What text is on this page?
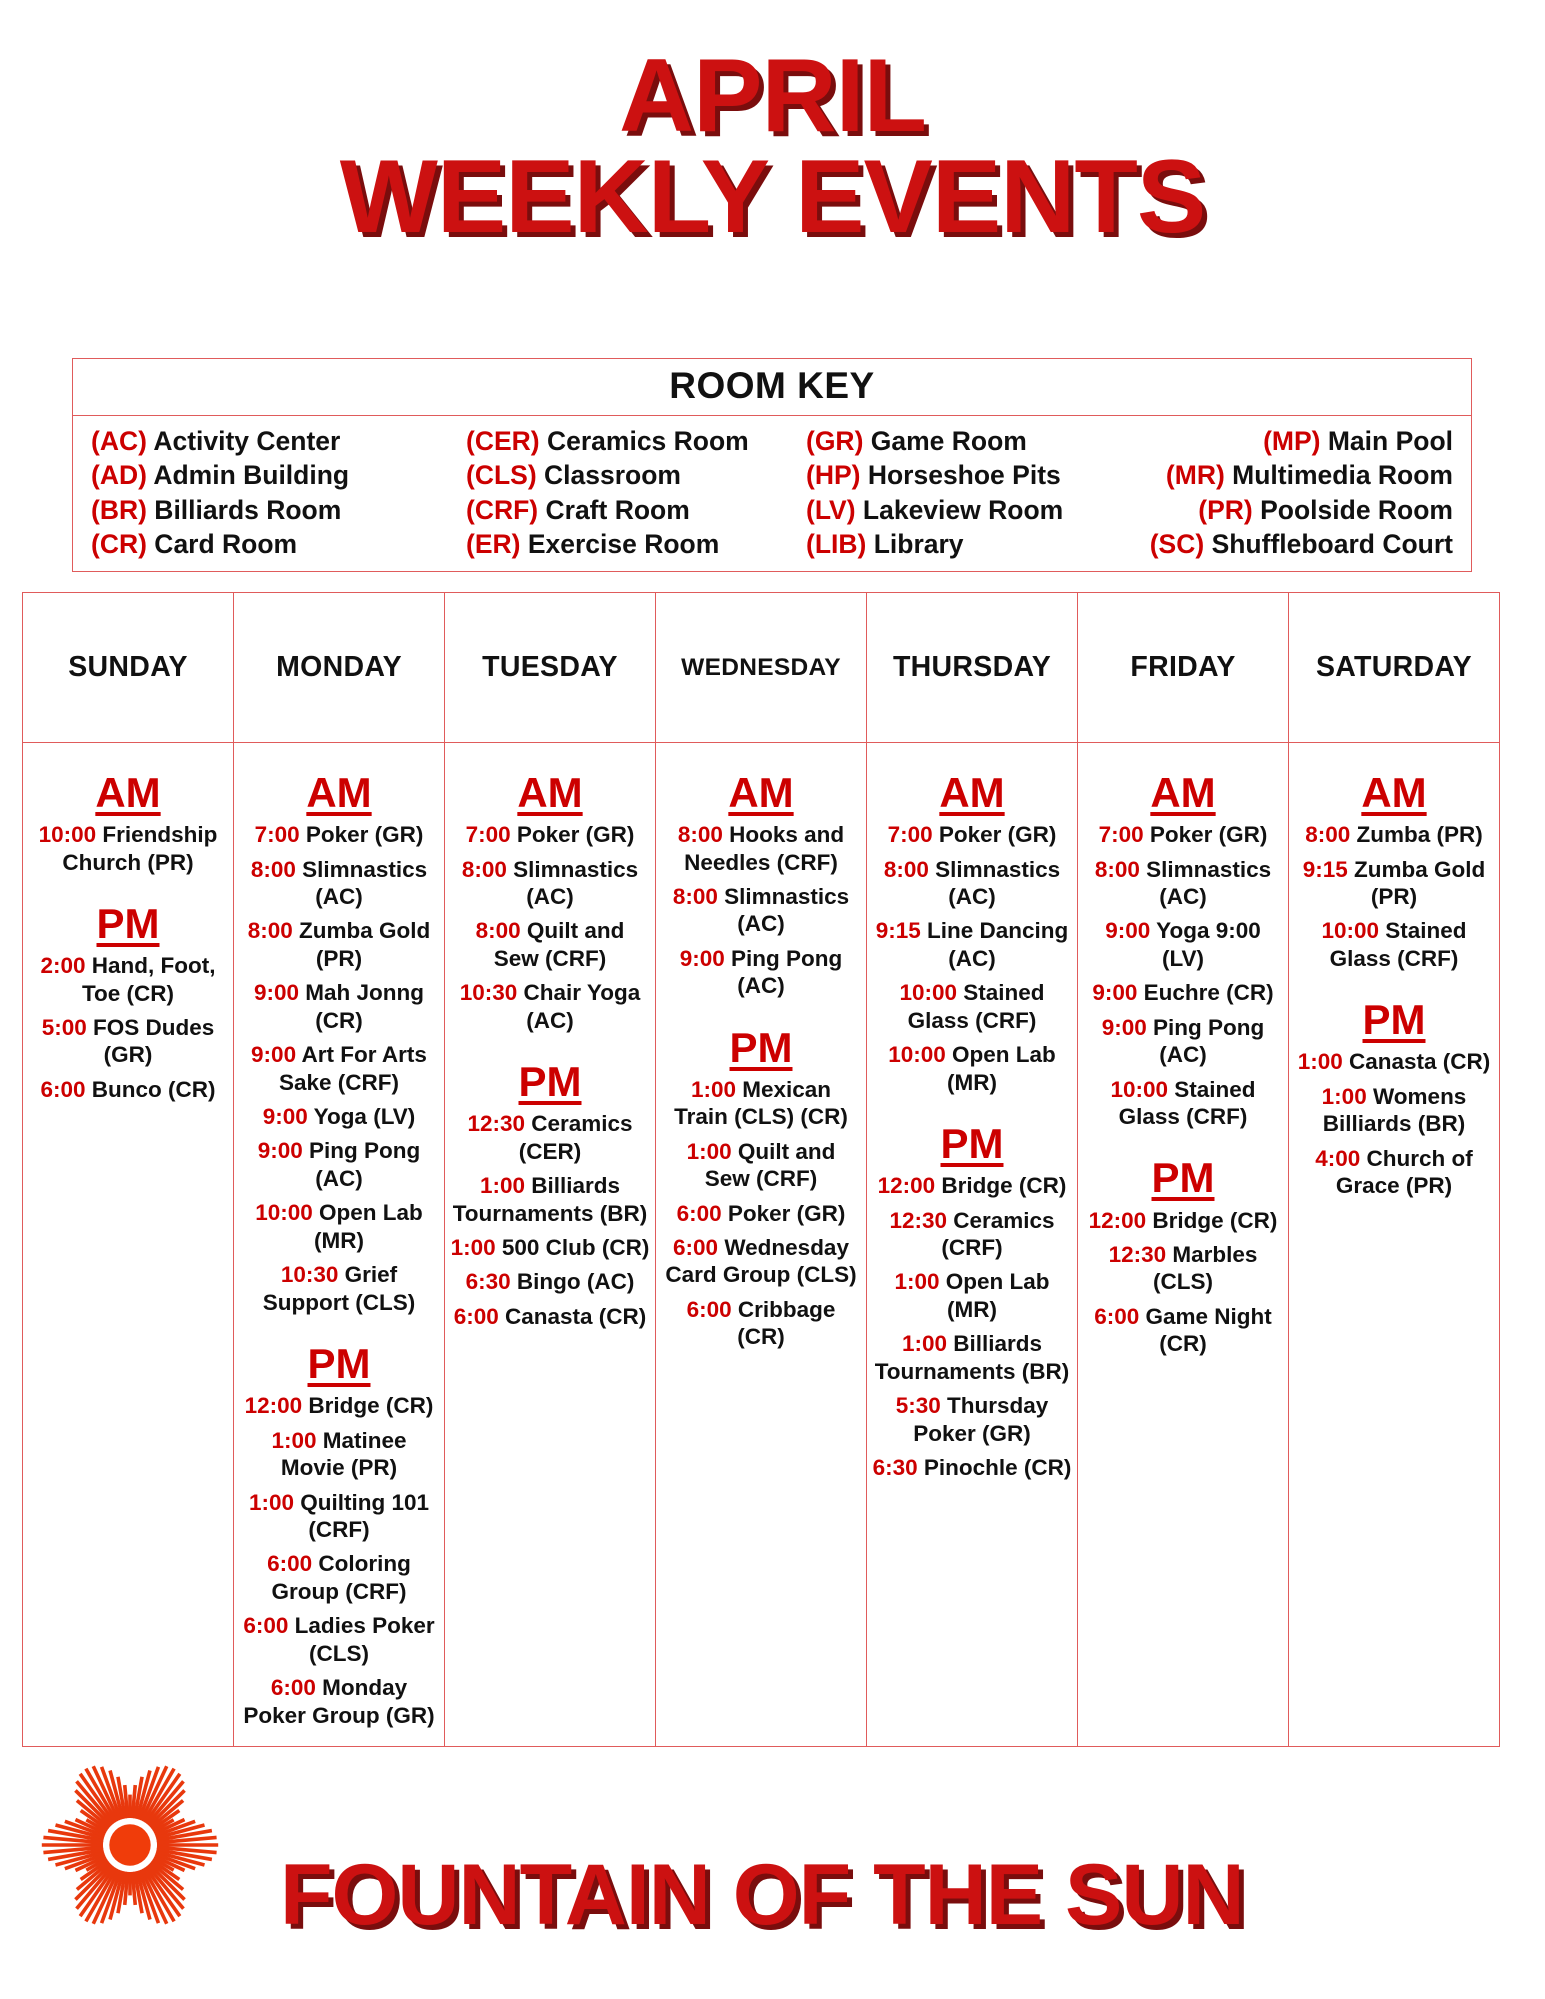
APRIL
WEEKLY EVENTS
ROOM KEY
(AC) Activity Center
(AD) Admin Building
(BR) Billiards Room
(CR) Card Room
(CER) Ceramics Room
(CLS) Classroom
(CRF) Craft Room
(ER) Exercise Room
(GR) Game Room
(HP) Horseshoe Pits
(LV) Lakeview Room
(LIB) Library
(MP) Main Pool
(MR) Multimedia Room
(PR) Poolside Room
(SC) Shuffleboard Court
SUNDAY
AM
10:00 Friendship Church (PR)
PM
2:00 Hand, Foot, Toe (CR)
5:00 FOS Dudes (GR)
6:00 Bunco (CR)
MONDAY
AM
7:00 Poker (GR)
8:00 Slimnastics (AC)
8:00 Zumba Gold (PR)
9:00 Mah Jonng (CR)
9:00 Art For Arts Sake (CRF)
9:00 Yoga (LV)
9:00 Ping Pong (AC)
10:00 Open Lab (MR)
10:30 Grief Support (CLS)
PM
12:00 Bridge (CR)
1:00 Matinee Movie (PR)
1:00 Quilting 101 (CRF)
6:00 Coloring Group (CRF)
6:00 Ladies Poker (CLS)
6:00 Monday Poker Group (GR)
TUESDAY
AM
7:00 Poker (GR)
8:00 Slimnastics (AC)
8:00 Quilt and Sew (CRF)
10:30 Chair Yoga (AC)
PM
12:30 Ceramics (CER)
1:00 Billiards Tournaments (BR)
1:00 500 Club (CR)
6:30 Bingo (AC)
6:00 Canasta (CR)
WEDNESDAY
AM
8:00 Hooks and Needles (CRF)
8:00 Slimnastics (AC)
9:00 Ping Pong (AC)
PM
1:00 Mexican Train (CLS) (CR)
1:00 Quilt and Sew (CRF)
6:00 Poker (GR)
6:00 Wednesday Card Group (CLS)
6:00 Cribbage (CR)
THURSDAY
AM
7:00 Poker (GR)
8:00 Slimnastics (AC)
9:15 Line Dancing (AC)
10:00 Stained Glass (CRF)
10:00 Open Lab (MR)
PM
12:00 Bridge (CR)
12:30 Ceramics (CRF)
1:00 Open Lab (MR)
1:00 Billiards Tournaments (BR)
5:30 Thursday Poker (GR)
6:30 Pinochle (CR)
FRIDAY
AM
7:00 Poker (GR)
8:00 Slimnastics (AC)
9:00 Yoga 9:00 (LV)
9:00 Euchre (CR)
9:00 Ping Pong (AC)
10:00 Stained Glass (CRF)
PM
12:00 Bridge (CR)
12:30 Marbles (CLS)
6:00 Game Night (CR)
SATURDAY
AM
8:00 Zumba (PR)
9:15 Zumba Gold (PR)
10:00 Stained Glass (CRF)
PM
1:00 Canasta (CR)
1:00 Womens Billiards (BR)
4:00 Church of Grace (PR)
FOUNTAIN OF THE SUN
